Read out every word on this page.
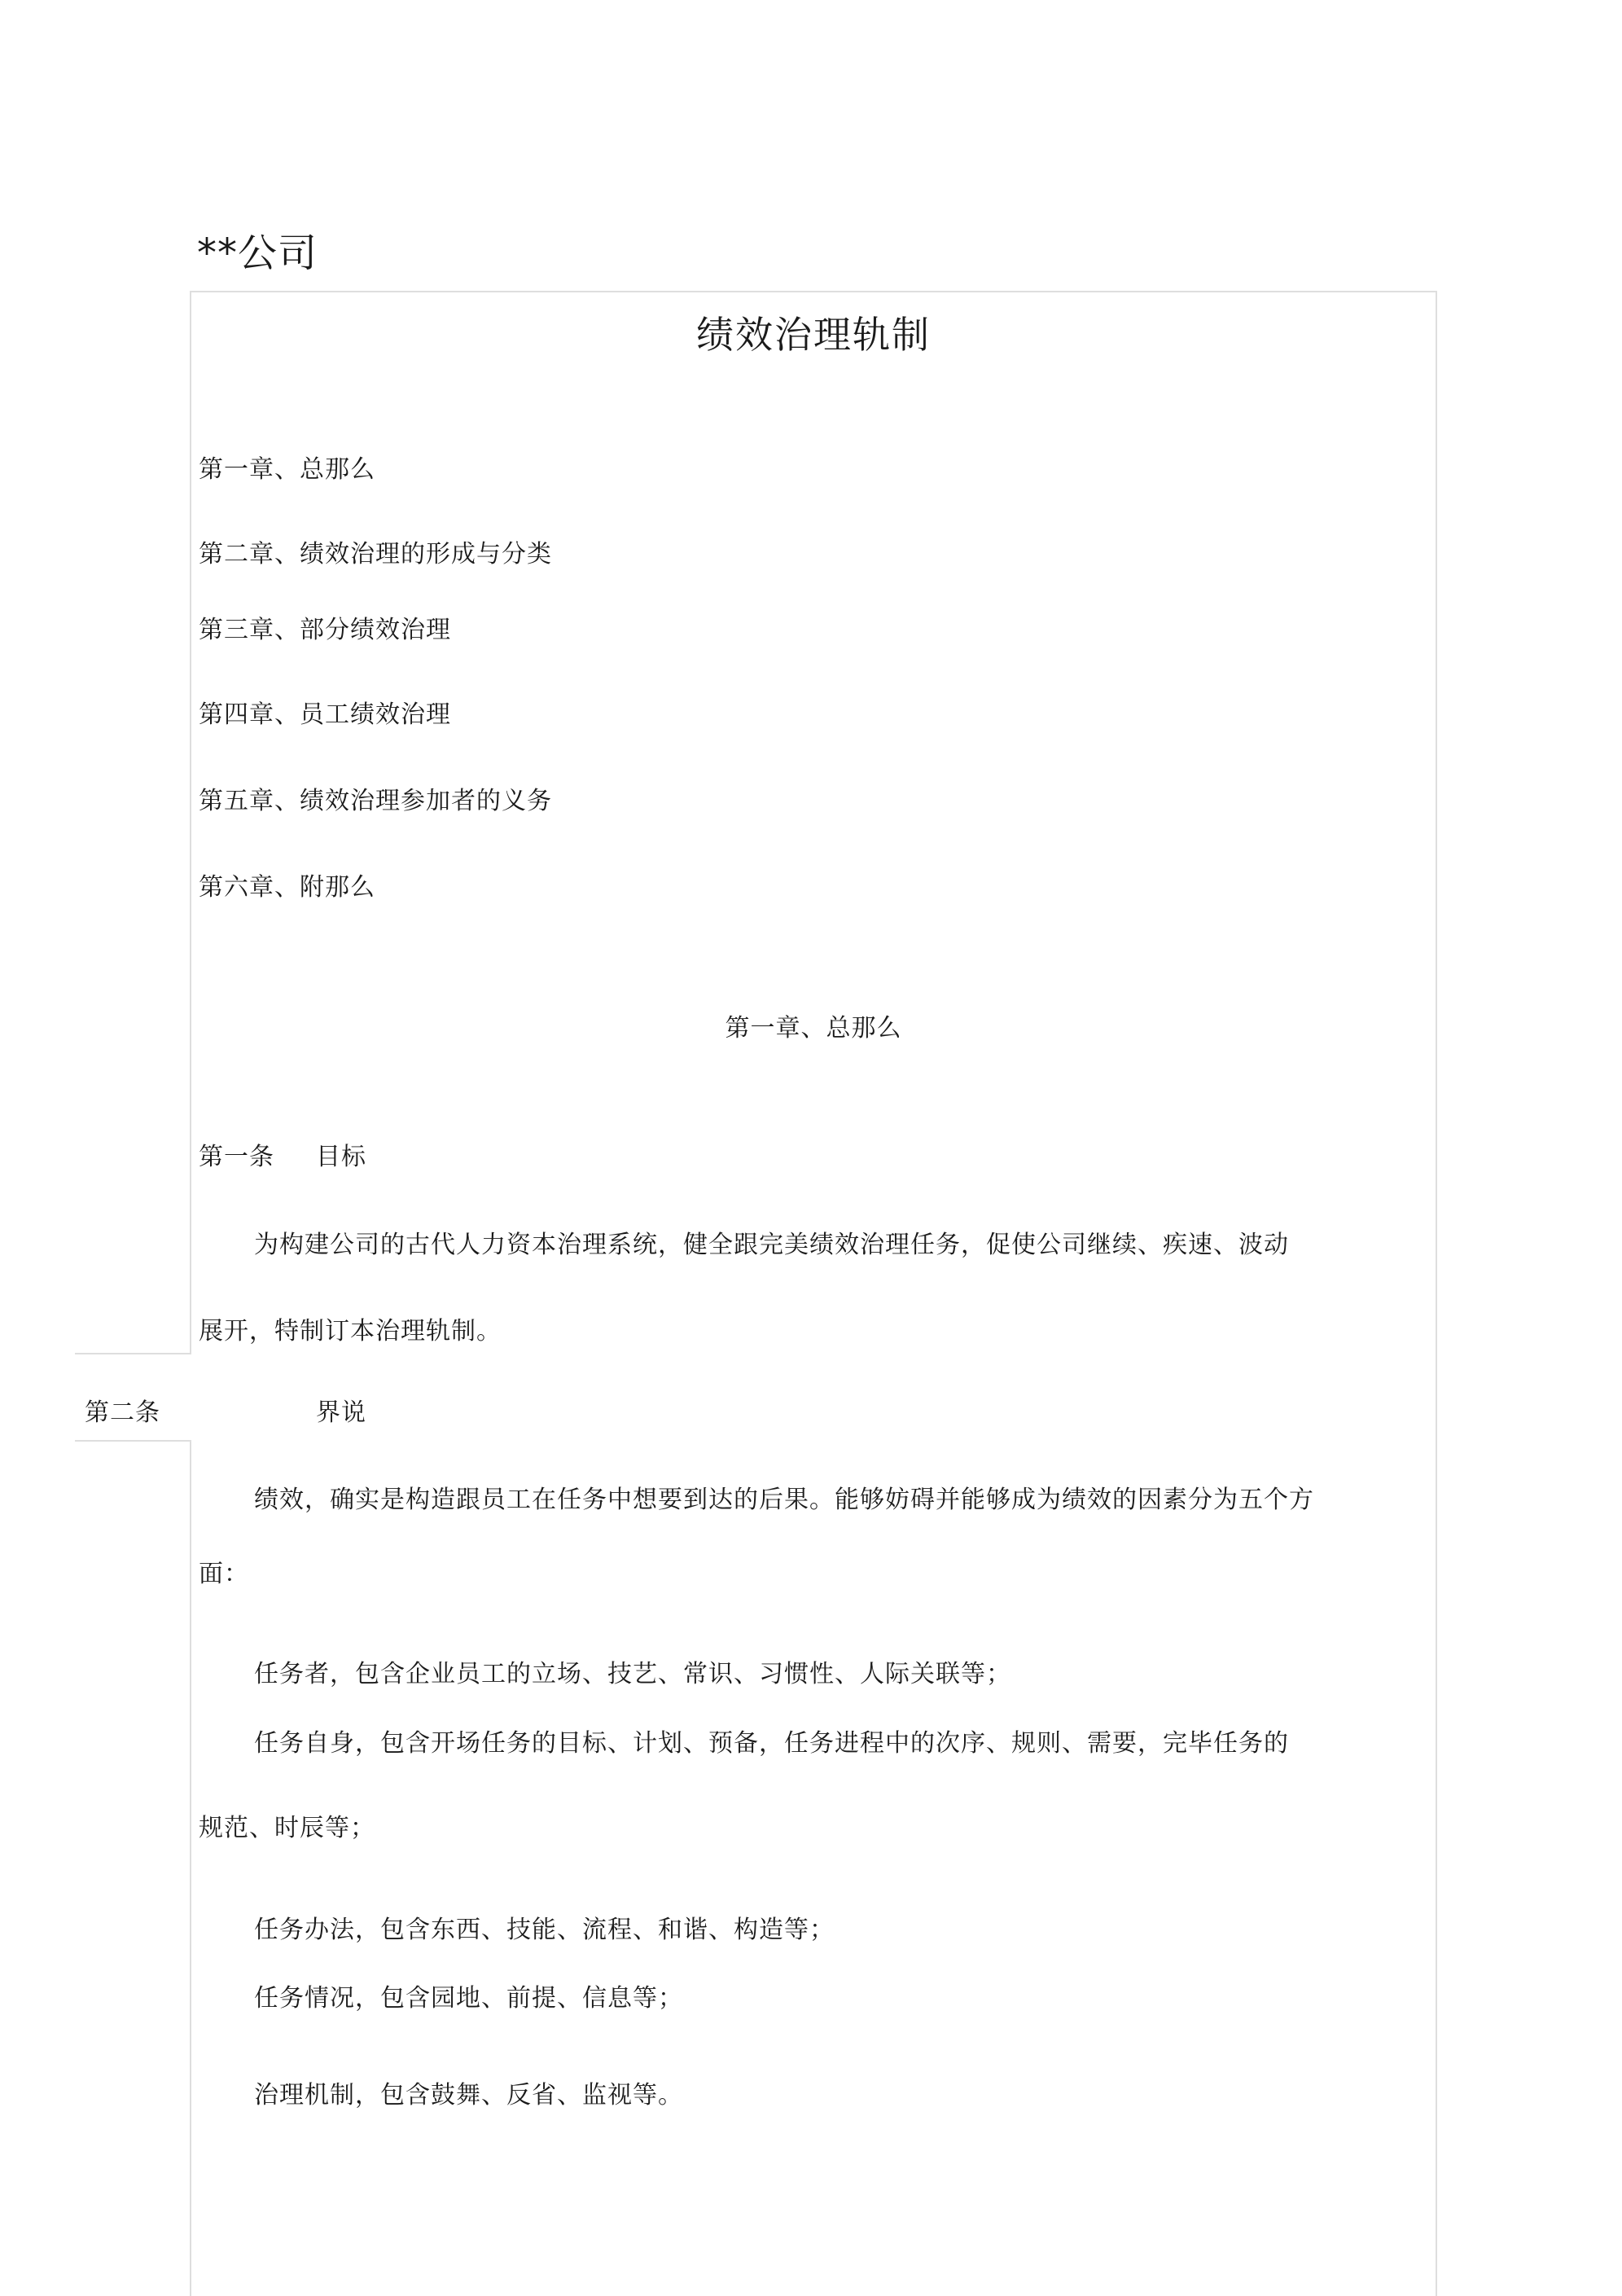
**公司
绩效治理轨制
第一章、总那么
第二章、绩效治理的形成与分类
第三章、部分绩效治理
第四章、员工绩效治理
第五章、绩效治理参加者的义务
第六章、附那么
第一章、总那么
第一条 目标
为构建公司的古代人力资本治理系统，健全跟完美绩效治理任务，促使公司继续、疾速、波动
展开，特制订本治理轨制。
第二条	界说
绩效，确实是构造跟员工在任务中想要到达的后果。能够妨碍并能够成为绩效的因素分为五个方
面：
任务者，包含企业员工的立场、技艺、常识、习惯性、人际关联等；
任务自身，包含开场任务的目标、计划、预备，任务进程中的次序、规则、需要，完毕任务的
规范、时辰等；
任务办法，包含东西、技能、流程、和谐、构造等；
任务情况，包含园地、前提、信息等；
治理机制，包含鼓舞、反省、监视等。
